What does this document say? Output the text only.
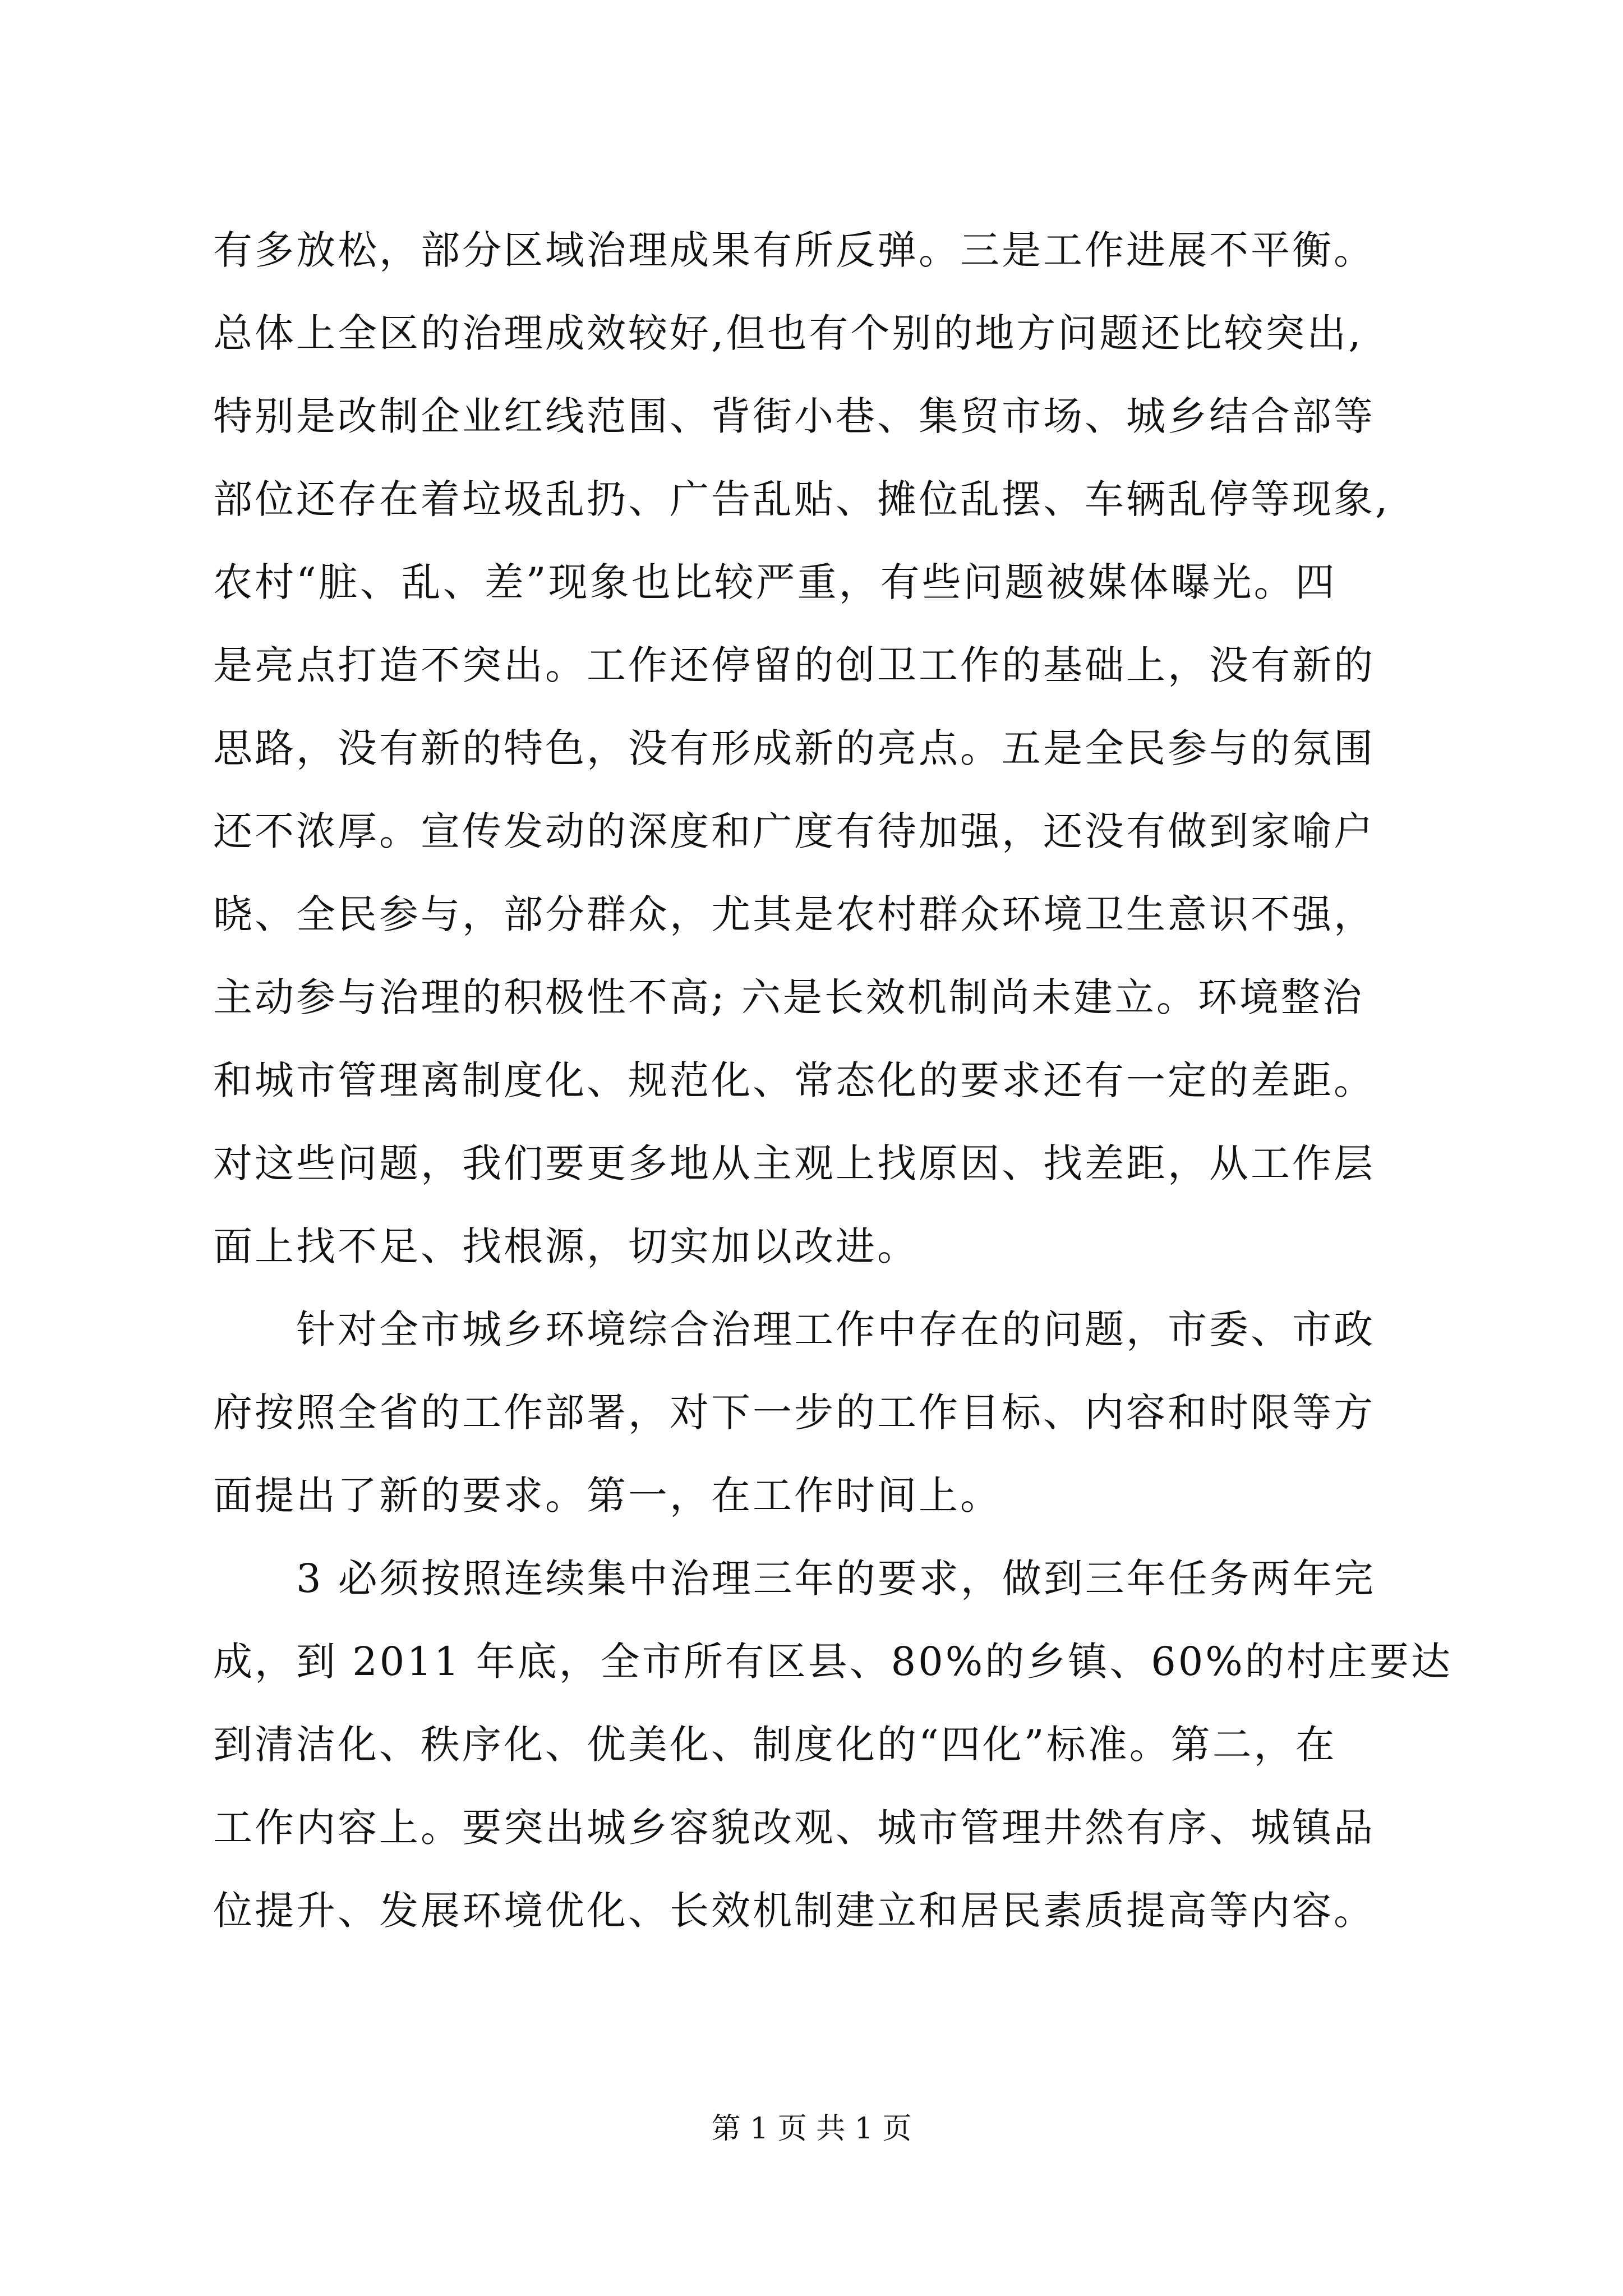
有多放松，部分区域治理成果有所反弹。三是工作进展不平衡。
总体上全区的治理成效较好,但也有个别的地方问题还比较突出,
特别是改制企业红线范围、背街小巷、集贸市场、城乡结合部等
部位还存在着垃圾乱扔、广告乱贴、摊位乱摆、车辆乱停等现象,
农村“脏、乱、差”现象也比较严重，有些问题被媒体曝光。四
是亮点打造不突出。工作还停留的创卫工作的基础上，没有新的
思路，没有新的特色，没有形成新的亮点。五是全民参与的氛围
还不浓厚。宣传发动的深度和广度有待加强，还没有做到家喻户
晓、全民参与，部分群众，尤其是农村群众环境卫生意识不强，
主动参与治理的积极性不高; 六是长效机制尚未建立。环境整治
和城市管理离制度化、规范化、常态化的要求还有一定的差距。
对这些问题，我们要更多地从主观上找原因、找差距，从工作层
面上找不足、找根源，切实加以改进。
　　针对全市城乡环境综合治理工作中存在的问题，市委、市政
府按照全省的工作部署，对下一步的工作目标、内容和时限等方
面提出了新的要求。第一，在工作时间上。
　　3 必须按照连续集中治理三年的要求，做到三年任务两年完
成，到 2011 年底，全市所有区县、80%的乡镇、60%的村庄要达
到清洁化、秩序化、优美化、制度化的“四化”标准。第二，在
工作内容上。要突出城乡容貌改观、城市管理井然有序、城镇品
位提升、发展环境优化、长效机制建立和居民素质提高等内容。
第 1 页 共 1 页
